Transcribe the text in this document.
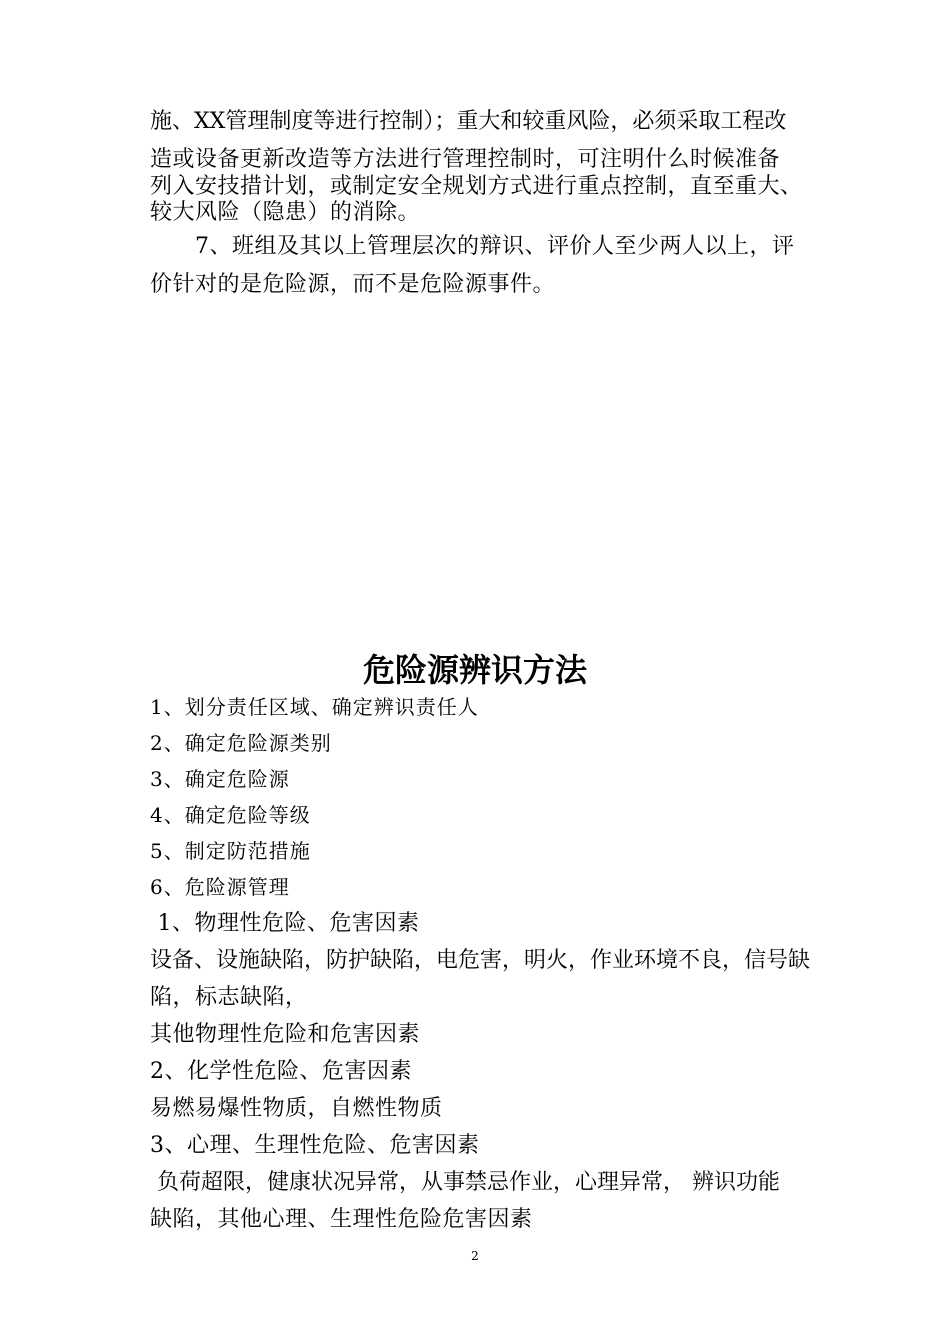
施、XX管理制度等进行控制）；重大和较重风险，必须采取工程改
造或设备更新改造等方法进行管理控制时，可注明什么时候准备
列入安技措计划，或制定安全规划方式进行重点控制，直至重大、
较大风险（隐患）的消除。
7、班组及其以上管理层次的辩识、评价人至少两人以上，评
价针对的是危险源，而不是危险源事件。
危险源辨识方法
1、划分责任区域、确定辨识责任人
2、确定危险源类别
3、确定危险源
4、确定危险等级
5、制定防范措施
6、危险源管理
1、物理性危险、危害因素
设备、设施缺陷，防护缺陷，电危害，明火，作业环境不良，信号缺
陷，标志缺陷，
其他物理性危险和危害因素
2、化学性危险、危害因素
易燃易爆性物质，自燃性物质
3、心理、生理性危险、危害因素
负荷超限，健康状况异常，从事禁忌作业，心理异常， 辨识功能
缺陷，其他心理、生理性危险危害因素
2
